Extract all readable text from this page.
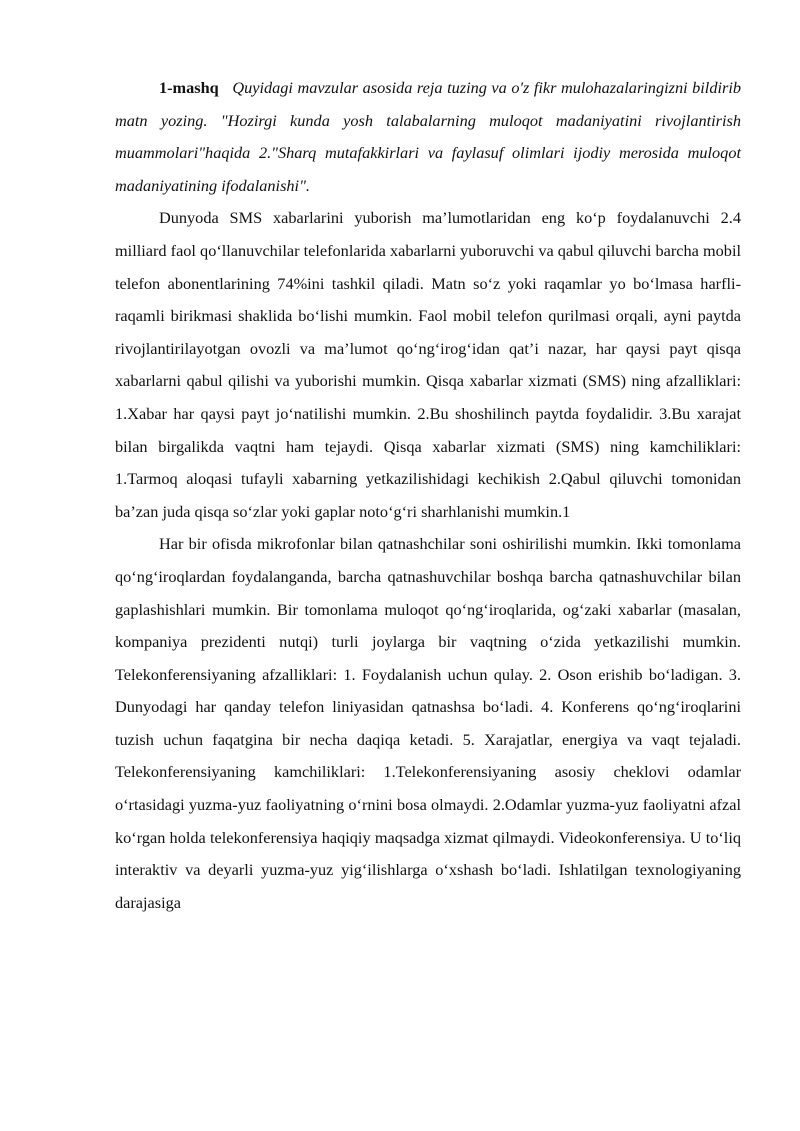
1-mashq Quyidagi mavzular asosida reja tuzing va o'z fikr mulohazalaringizni bildirib matn yozing. "Hozirgi kunda yosh talabalarning muloqot madaniyatini rivojlantirish muammolari"haqida 2."Sharq mutafakkirlari va faylasuf olimlari ijodiy merosida muloqot madaniyatining ifodalanishi".

Dunyoda SMS xabarlarini yuborish maʼlumotlaridan eng koʻp foydalanuvchi 2.4 milliard faol qoʻllanuvchilar telefonlarida xabarlarni yuboruvchi va qabul qiluvchi barcha mobil telefon abonentlarining 74%ini tashkil qiladi. Matn soʻz yoki raqamlar yo boʻlmasa harfli-raqamli birikmasi shaklida boʻlishi mumkin. Faol mobil telefon qurilmasi orqali, ayni paytda rivojlantirilayotgan ovozli va maʼlumot qoʻngʻirogʻidan qatʼi nazar, har qaysi payt qisqa xabarlarni qabul qilishi va yuborishi mumkin. Qisqa xabarlar xizmati (SMS) ning afzalliklari: 1.Xabar har qaysi payt joʻnatilishi mumkin. 2.Bu shoshilinch paytda foydalidir. 3.Bu xarajat bilan birgalikda vaqtni ham tejaydi. Qisqa xabarlar xizmati (SMS) ning kamchiliklari: 1.Tarmoq aloqasi tufayli xabarning yetkazilishidagi kechikish 2.Qabul qiluvchi tomonidan baʼzan juda qisqa soʻzlar yoki gaplar notoʻgʻri sharhlanishi mumkin.1

Har bir ofisda mikrofonlar bilan qatnashchilar soni oshirilishi mumkin. Ikki tomonlama qoʻngʻiroqlardan foydalanganda, barcha qatnashuvchilar boshqa barcha qatnashuvchilar bilan gaplashishlari mumkin. Bir tomonlama muloqot qoʻngʻiroqlarida, ogʻzaki xabarlar (masalan, kompaniya prezidenti nutqi) turli joylarga bir vaqtning oʻzida yetkazilishi mumkin. Telekonferensiyaning afzalliklari: 1. Foydalanish uchun qulay. 2. Oson erishib boʻladigan. 3. Dunyodagi har qanday telefon liniyasidan qatnashsa boʻladi. 4. Konferens qoʻngʻiroqlarini tuzish uchun faqatgina bir necha daqiqa ketadi. 5. Xarajatlar, energiya va vaqt tejaladi. Telekonferensiyaning kamchiliklari: 1.Telekonferensiyaning asosiy cheklovi odamlar oʻrtasidagi yuzma-yuz faoliyatning oʻrnini bosa olmaydi. 2.Odamlar yuzma-yuz faoliyatni afzal koʻrgan holda telekonferensiya haqiqiy maqsadga xizmat qilmaydi. Videokonferensiya. U toʻliq interaktiv va deyarli yuzma-yuz yigʻilishlarga oʻxshash boʻladi. Ishlatilgan texnologiyaning darajasiga
